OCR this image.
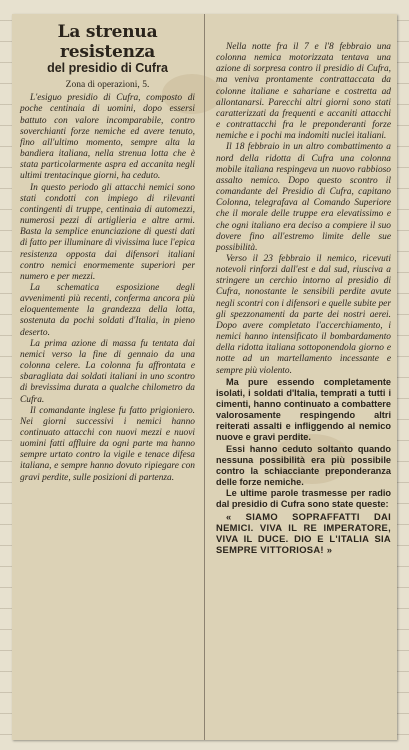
La strenua resistenza
del presidio di Cufra
Zona di operazioni, 5.

L'esiguo presidio di Cufra, composto di poche centinaia di uomini, dopo essersi battuto con valore incomparabile, contro soverchianti forze nemiche ed avere tenuto, fino all'ultimo momento, sempre alta la bandiera italiana, nella strenua lotta che è stata particolarmente aspra ed accanita negli ultimi trentacinque giorni, ha ceduto.

In questo periodo gli attacchi nemici sono stati condotti con impiego di rilevanti contingenti di truppe, centinaia di automezzi, numerosi pezzi di artiglieria e altre armi. Basta la semplice enunciazione di questi dati di fatto per illuminare di vivissima luce l'epica resistenza opposta dai difensori italiani contro nemici enormemente superiori per numero e per mezzi.

La schematica esposizione degli avvenimenti più recenti, conferma ancora più eloquentemente la grandezza della lotta, sostenuta da pochi soldati d'Italia, in pieno deserto.

La prima azione di massa fu tentata dai nemici verso la fine di gennaio da una colonna celere. La colonna fu affrontata e sbaragliata dai soldati italiani in uno scontro di brevissima durata a qualche chilometro da Cufra.

Il comandante inglese fu fatto prigioniero. Nei giorni successivi i nemici hanno continuato attacchi con nuovi mezzi e nuovi uomini fatti affluire da ogni parte ma hanno sempre urtato contro la vigile e tenace difesa italiana, e sempre hanno dovuto ripiegare con gravi perdite, sulle posizioni di partenza.

Nella notte fra il 7 e l'8 febbraio una colonna nemica motorizzata tentava una azione di sorpresa contro il presidio di Cufra, ma veniva prontamente contrattaccata da colonne italiane e sahariane e costretta ad allontanarsi. Parecchi altri giorni sono stati caratterizzati da frequenti e accaniti attacchi e contrattacchi fra le preponderanti forze nemiche e i pochi ma indomiti nuclei italiani.

Il 18 febbraio in un altro combattimento a nord della ridotta di Cufra una colonna mobile italiana respingeva un nuovo rabbioso assalto nemico. Dopo questo scontro il comandante del Presidio di Cufra, capitano Colonna, telegrafava al Comando Superiore che il morale delle truppe era elevatissimo e che ogni italiano era deciso a compiere il suo dovere fino all'estremo limite delle sue possibilità.

Verso il 23 febbraio il nemico, ricevuti notevoli rinforzi dall'est e dal sud, riusciva a stringere un cerchio intorno al presidio di Cufra, nonostante le sensibili perdite avute negli scontri con i difensori e quelle subite per gli spezzonamenti da parte dei nostri aerei. Dopo avere completato l'accerchiamento, i nemici hanno intensificato il bombardamento della ridotta italiana sottoponendola giorno e notte ad un martellamento incessante e sempre più violento.

Ma pure essendo completamente isolati, i soldati d'Italia, temprati a tutti i cimenti, hanno continuato a combattere valorosamente respingendo altri reiterati assalti e infliggendo al nemico nuove e gravi perdite.

Essi hanno ceduto soltanto quando nessuna possibilità era più possibile contro la schiacciante preponderanza delle forze nemiche.

Le ultime parole trasmesse per radio dal presidio di Cufra sono state queste:

« SIAMO SOPRAFFATTI DAI NEMICI. VIVA IL RE IMPERATORE, VIVA IL DUCE. DIO E L'ITALIA SIA SEMPRE VITTORIOSA! »
